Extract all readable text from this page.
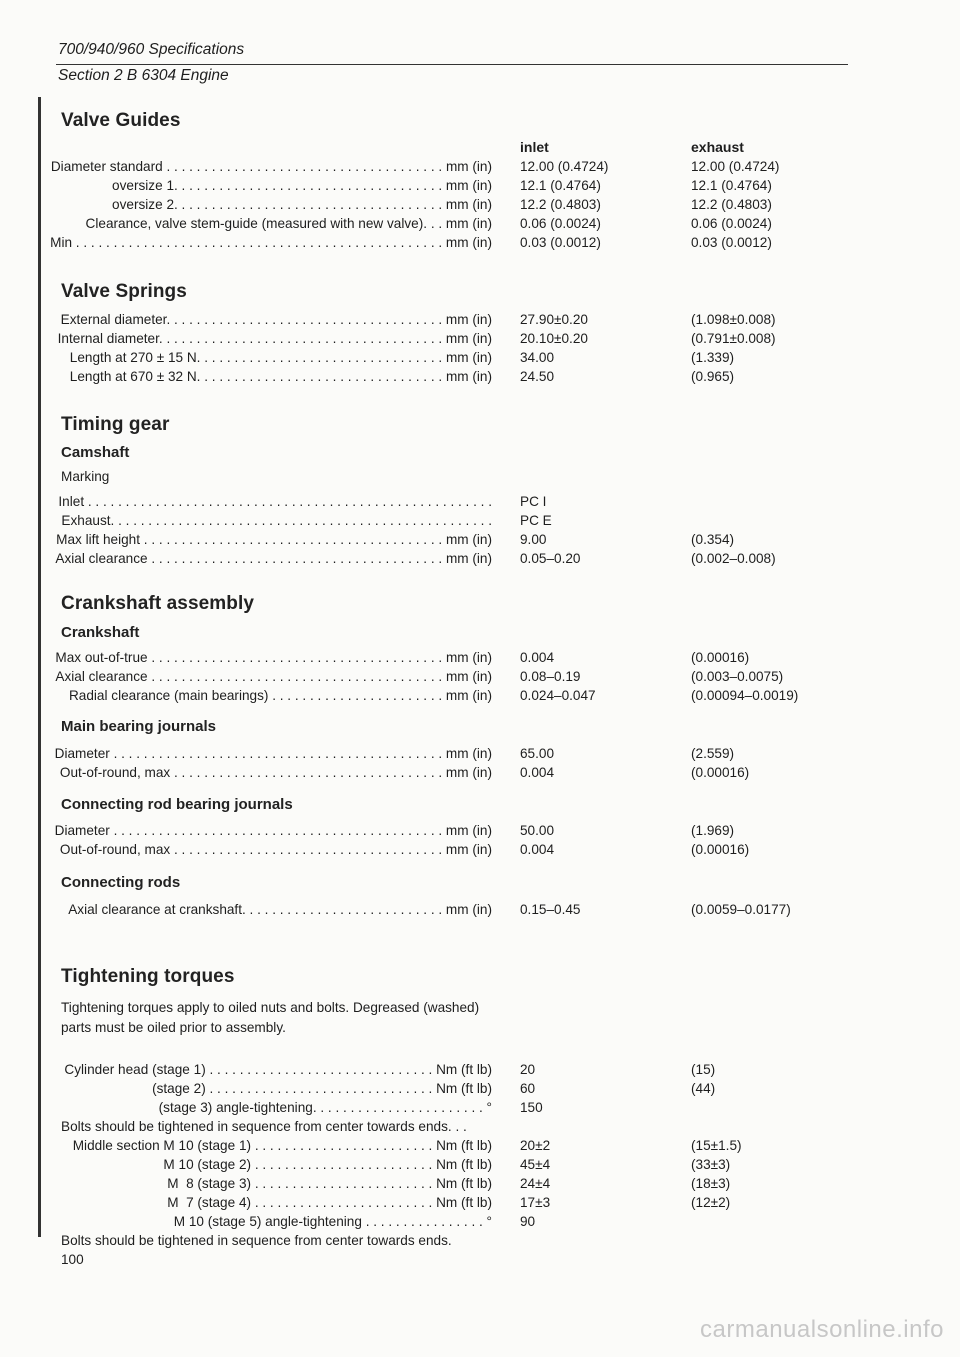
700/940/960 Specifications
Section 2 B 6304 Engine
Valve Guides
inlet	exhaust
Diameter standard . . . . . . . . . . . . . . . . . . . . . . . . . . . . . . . . . . . . . mm (in) 12.00 (0.4724)	12.00 (0.4724)
oversize 1. . . . . . . . . . . . . . . . . . . . . . . . . . . . . . . . . . . . mm (in) 12.1 (0.4764)	12.1 (0.4764)
oversize 2. . . . . . . . . . . . . . . . . . . . . . . . . . . . . . . . . . . . mm (in) 12.2 (0.4803)	12.2 (0.4803)
Clearance, valve stem-guide (measured with new valve). . . mm (in) 0.06 (0.0024)	0.06 (0.0024)
Min . . . . . . . . . . . . . . . . . . . . . . . . . . . . . . . . . . . . . . . . . . . . . . . . . mm (in) 0.03 (0.0012)	0.03 (0.0012)
Valve Springs
External diameter. . . . . . . . . . . . . . . . . . . . . . . . . . . . . . . . . . . . . mm (in) 27.90±0.20	(1.098±0.008)
Internal diameter. . . . . . . . . . . . . . . . . . . . . . . . . . . . . . . . . . . . . . mm (in) 20.10±0.20	(0.791±0.008)
Length at 270 ± 15 N. . . . . . . . . . . . . . . . . . . . . . . . . . . . . . . . . mm (in) 34.00	(1.339)
Length at 670 ± 32 N. . . . . . . . . . . . . . . . . . . . . . . . . . . . . . . . . mm (in) 24.50	(0.965)
Timing gear
Camshaft
Marking
Inlet . . . . . . . . . . . . . . . . . . . . . . . . . . . . . . . . . . . . . . . . . . . . . . . . . . . . . . PC I
Exhaust. . . . . . . . . . . . . . . . . . . . . . . . . . . . . . . . . . . . . . . . . . . . . . . . . . . PC E
Max lift height . . . . . . . . . . . . . . . . . . . . . . . . . . . . . . . . . . . . . . . . mm (in) 9.00	(0.354)
Axial clearance . . . . . . . . . . . . . . . . . . . . . . . . . . . . . . . . . . . . . . . mm (in) 0.05–0.20	(0.002–0.008)
Crankshaft assembly
Crankshaft
Max out-of-true . . . . . . . . . . . . . . . . . . . . . . . . . . . . . . . . . . . . . . . mm (in) 0.004	(0.00016)
Axial clearance . . . . . . . . . . . . . . . . . . . . . . . . . . . . . . . . . . . . . . . mm (in) 0.08–0.19	(0.003–0.0075)
Radial clearance (main bearings) . . . . . . . . . . . . . . . . . . . . . . . mm (in) 0.024–0.047	(0.00094–0.0019)
Main bearing journals
Diameter . . . . . . . . . . . . . . . . . . . . . . . . . . . . . . . . . . . . . . . . . . . . mm (in) 65.00	(2.559)
Out-of-round, max . . . . . . . . . . . . . . . . . . . . . . . . . . . . . . . . . . . . mm (in) 0.004	(0.00016)
Connecting rod bearing journals
Diameter . . . . . . . . . . . . . . . . . . . . . . . . . . . . . . . . . . . . . . . . . . . . mm (in) 50.00	(1.969)
Out-of-round, max . . . . . . . . . . . . . . . . . . . . . . . . . . . . . . . . . . . . mm (in) 0.004	(0.00016)
Connecting rods
Axial clearance at crankshaft. . . . . . . . . . . . . . . . . . . . . . . . . . . mm (in) 0.15–0.45	(0.0059–0.0177)
Tightening torques
Tightening torques apply to oiled nuts and bolts. Degreased (washed) parts must be oiled prior to assembly.
Cylinder head (stage 1) . . . . . . . . . . . . . . . . . . . . . . . . . . . . . . Nm (ft lb) 20	(15)
(stage 2) . . . . . . . . . . . . . . . . . . . . . . . . . . . . . . Nm (ft lb) 60	(44)
(stage 3) angle-tightening. . . . . . . . . . . . . . . . . . . . . . . ° 150
Bolts should be tightened in sequence from center towards ends. . .
Middle section M 10 (stage 1) . . . . . . . . . . . . . . . . . . . . . . . . Nm (ft lb) 20±2	(15±1.5)
M 10 (stage 2) . . . . . . . . . . . . . . . . . . . . . . . . Nm (ft lb) 45±4	(33±3)
M  8 (stage 3) . . . . . . . . . . . . . . . . . . . . . . . . Nm (ft lb) 24±4	(18±3)
M  7 (stage 4) . . . . . . . . . . . . . . . . . . . . . . . . Nm (ft lb) 17±3	(12±2)
M 10 (stage 5) angle-tightening . . . . . . . . . . . . . . . . ° 90
Bolts should be tightened in sequence from center towards ends.
100
carmanualsonline.info
